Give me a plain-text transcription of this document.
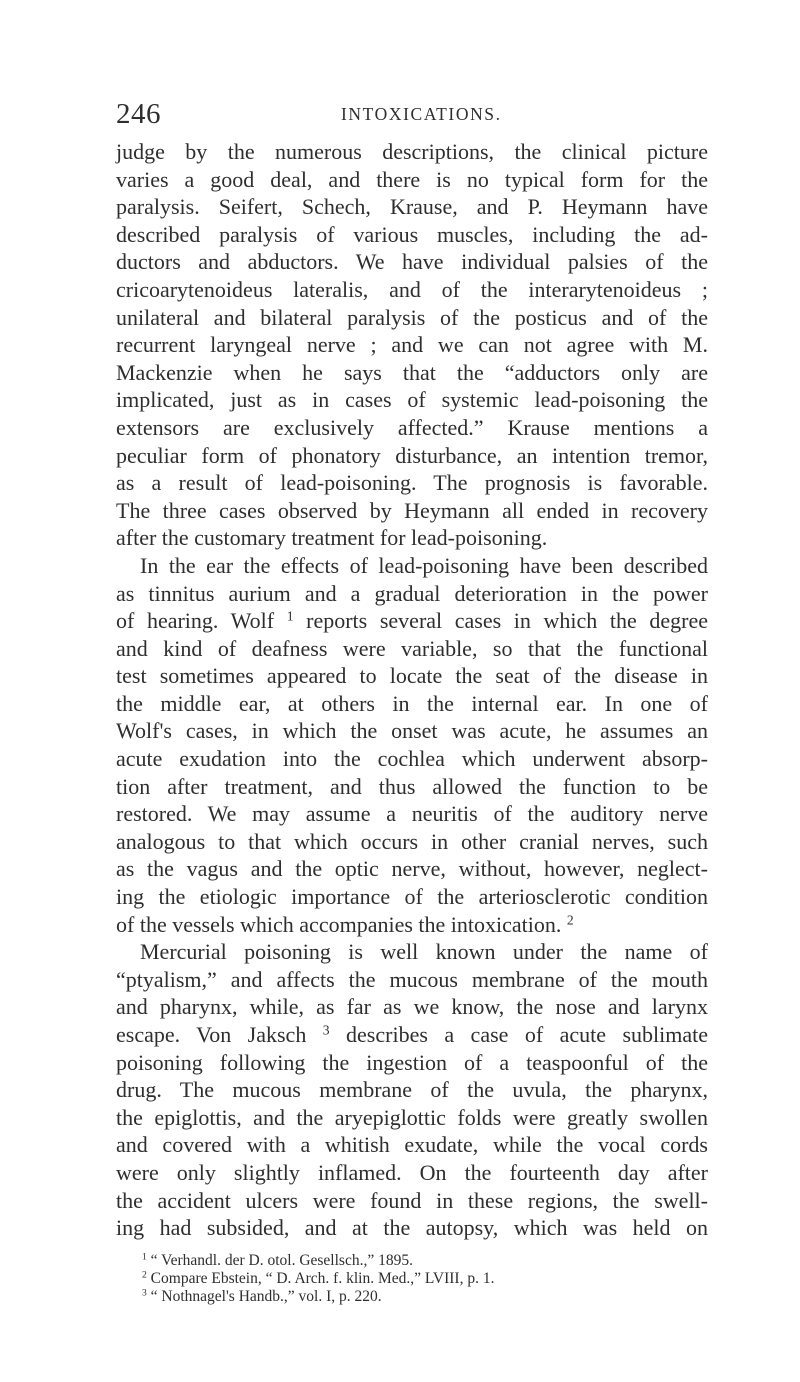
246	INTOXICATIONS.
judge by the numerous descriptions, the clinical picture
varies a good deal, and there is no typical form for the
paralysis. Seifert, Schech, Krause, and P. Heymann have
described paralysis of various muscles, including the ad-
ductors and abductors. We have individual palsies of the
cricoarytenoideus lateralis, and of the interarytenoideus ;
unilateral and bilateral paralysis of the posticus and of the
recurrent laryngeal nerve ; and we can not agree with M.
Mackenzie when he says that the “adductors only are
implicated, just as in cases of systemic lead-poisoning the
extensors are exclusively affected.” Krause mentions a
peculiar form of phonatory disturbance, an intention tremor,
as a result of lead-poisoning. The prognosis is favorable.
The three cases observed by Heymann all ended in recovery
after the customary treatment for lead-poisoning.
In the ear the effects of lead-poisoning have been described
as tinnitus aurium and a gradual deterioration in the power
of hearing. Wolf $^1$ reports several cases in which the degree
and kind of deafness were variable, so that the functional
test sometimes appeared to locate the seat of the disease in
the middle ear, at others in the internal ear. In one of
Wolf's cases, in which the onset was acute, he assumes an
acute exudation into the cochlea which underwent absorp-
tion after treatment, and thus allowed the function to be
restored. We may assume a neuritis of the auditory nerve
analogous to that which occurs in other cranial nerves, such
as the vagus and the optic nerve, without, however, neglect-
ing the etiologic importance of the arteriosclerotic condition
of the vessels which accompanies the intoxication. $^2$
Mercurial poisoning is well known under the name of
“ptyalism,” and affects the mucous membrane of the mouth
and pharynx, while, as far as we know, the nose and larynx
escape. Von Jaksch $^3$ describes a case of acute sublimate
poisoning following the ingestion of a teaspoonful of the
drug. The mucous membrane of the uvula, the pharynx,
the epiglottis, and the aryepiglottic folds were greatly swollen
and covered with a whitish exudate, while the vocal cords
were only slightly inflamed. On the fourteenth day after
the accident ulcers were found in these regions, the swell-
ing had subsided, and at the autopsy, which was held on
$^1$ “ Verhandl. der D. otol. Gesellsch.,” 1895.
$^2$ Compare Ebstein, “ D. Arch. f. klin. Med.,” LVIII, p. 1.
$^3$ “ Nothnagel's Handb.,” vol. I, p. 220.
